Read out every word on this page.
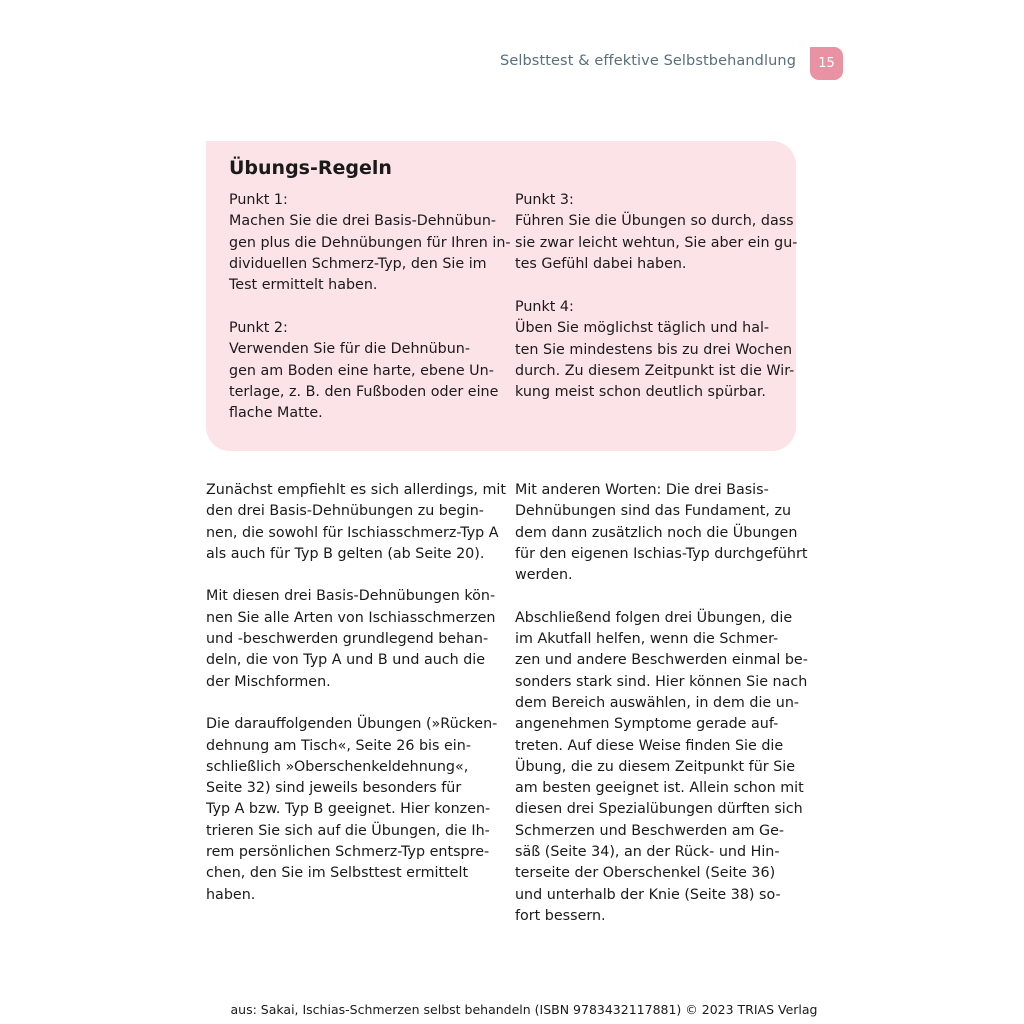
Selbsttest & effektive Selbstbehandlung	15
Übungs-Regeln
Punkt 1:
Machen Sie die drei Basis-Dehnübun-
gen plus die Dehnübungen für Ihren in-
dividuellen Schmerz-Typ, den Sie im
Test ermittelt haben.
Punkt 2:
Verwenden Sie für die Dehnübun-
gen am Boden eine harte, ebene Un-
terlage, z. B. den Fußboden oder eine
flache Matte.
Punkt 3:
Führen Sie die Übungen so durch, dass
sie zwar leicht wehtun, Sie aber ein gu-
tes Gefühl dabei haben.
Punkt 4:
Üben Sie möglichst täglich und hal-
ten Sie mindestens bis zu drei Wochen
durch. Zu diesem Zeitpunkt ist die Wir-
kung meist schon deutlich spürbar.

Zunächst empfiehlt es sich allerdings, mit
den drei Basis-Dehnübungen zu begin-
nen, die sowohl für Ischiasschmerz-Typ A
als auch für Typ B gelten (ab Seite 20).

Mit diesen drei Basis-Dehnübungen kön-
nen Sie alle Arten von Ischiasschmerzen
und -beschwerden grundlegend behan-
deln, die von Typ A und B und auch die
der Mischformen.

Die darauffolgenden Übungen (»Rücken-
dehnung am Tisch«, Seite 26 bis ein-
schließlich »Oberschenkeldehnung«,
Seite 32) sind jeweils besonders für
Typ A bzw. Typ B geeignet. Hier konzen-
trieren Sie sich auf die Übungen, die Ih-
rem persönlichen Schmerz-Typ entspre-
chen, den Sie im Selbsttest ermittelt
haben.

Mit anderen Worten: Die drei Basis-
Dehnübungen sind das Fundament, zu
dem dann zusätzlich noch die Übungen
für den eigenen Ischias-Typ durchgeführt
werden.

Abschließend folgen drei Übungen, die
im Akutfall helfen, wenn die Schmer-
zen und andere Beschwerden einmal be-
sonders stark sind. Hier können Sie nach
dem Bereich auswählen, in dem die un-
angenehmen Symptome gerade auf-
treten. Auf diese Weise finden Sie die
Übung, die zu diesem Zeitpunkt für Sie
am besten geeignet ist. Allein schon mit
diesen drei Spezialübungen dürften sich
Schmerzen und Beschwerden am Ge-
säß (Seite 34), an der Rück- und Hin-
terseite der Oberschenkel (Seite 36)
und unterhalb der Knie (Seite 38) so-
fort bessern.

aus: Sakai, Ischias-Schmerzen selbst behandeln (ISBN 9783432117881) © 2023 TRIAS Verlag
